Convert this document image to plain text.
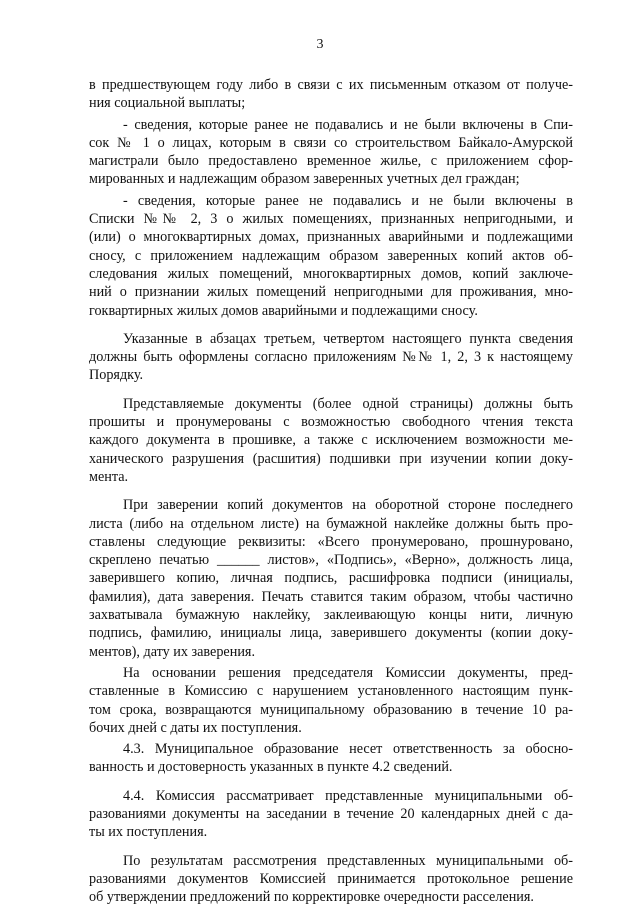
3

в предшествующем году либо в связи с их письменным отказом от получе-
ния социальной выплаты;

- сведения, которые ранее не подавались и не были включены в Спи-
сок № 1 о лицах, которым в связи со строительством Байкало-Амурской
магистрали было предоставлено временное жилье, с приложением сфор-
мированных и надлежащим образом заверенных учетных дел граждан;

- сведения, которые ранее не подавались и не были включены в
Списки №№ 2, 3 о жилых помещениях, признанных непригодными, и
(или) о многоквартирных домах, признанных аварийными и подлежащими
сносу, с приложением надлежащим образом заверенных копий актов об-
следования жилых помещений, многоквартирных домов, копий заключе-
ний о признании жилых помещений непригодными для проживания, мно-
гоквартирных жилых домов аварийными и подлежащими сносу.

Указанные в абзацах третьем, четвертом настоящего пункта сведения
должны быть оформлены согласно приложениям №№ 1, 2, 3 к настоящему
Порядку.

Представляемые документы (более одной страницы) должны быть
прошиты и пронумерованы с возможностью свободного чтения текста
каждого документа в прошивке, а также с исключением возможности ме-
ханического разрушения (расшития) подшивки при изучении копии доку-
мента.

При заверении копий документов на оборотной стороне последнего
листа (либо на отдельном листе) на бумажной наклейке должны быть про-
ставлены следующие реквизиты: «Всего пронумеровано, прошнуровано,
скреплено печатью ______ листов», «Подпись», «Верно», должность лица,
заверившего копию, личная подпись, расшифровка подписи (инициалы,
фамилия), дата заверения. Печать ставится таким образом, чтобы частично
захватывала бумажную наклейку, заклеивающую концы нити, личную
подпись, фамилию, инициалы лица, заверившего документы (копии доку-
ментов), дату их заверения.

На основании решения председателя Комиссии документы, пред-
ставленные в Комиссию с нарушением установленного настоящим пунк-
том срока, возвращаются муниципальному образованию в течение 10 ра-
бочих дней с даты их поступления.

4.3. Муниципальное образование несет ответственность за обосно-
ванность и достоверность указанных в пункте 4.2 сведений.

4.4. Комиссия рассматривает представленные муниципальными об-
разованиями документы на заседании в течение 20 календарных дней с да-
ты их поступления.

По результатам рассмотрения представленных муниципальными об-
разованиями документов Комиссией принимается протокольное решение
об утверждении предложений по корректировке очередности расселения.
